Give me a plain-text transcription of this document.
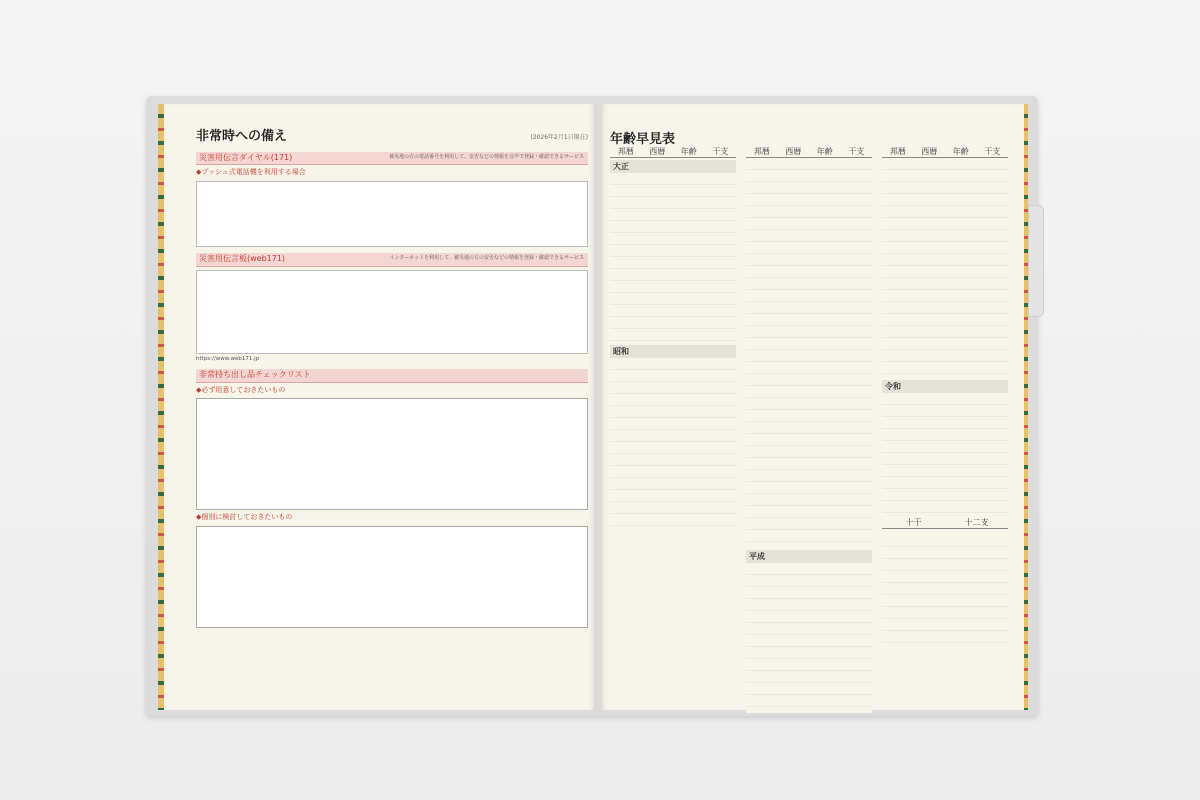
非常時への備え	(2026年2月1日現在)
災害用伝言ダイヤル(171)	被災地の方の電話番号を利用して、安否などの情報を音声で登録・確認できるサービス
◆プッシュ式電話機を利用する場合
災害用伝言板(web171)	インターネットを利用して、被災地の方の安否などの情報を登録・確認できるサービス
https://www.web171.jp
非常持ち出し品チェックリスト
◆必ず用意しておきたいもの
◆個別に検討しておきたいもの
年齢早見表
邦暦	西暦	年齢	干支
大正
昭和
邦暦	西暦	年齢	干支
平成
邦暦	西暦	年齢	干支
令和
十干	十二支
